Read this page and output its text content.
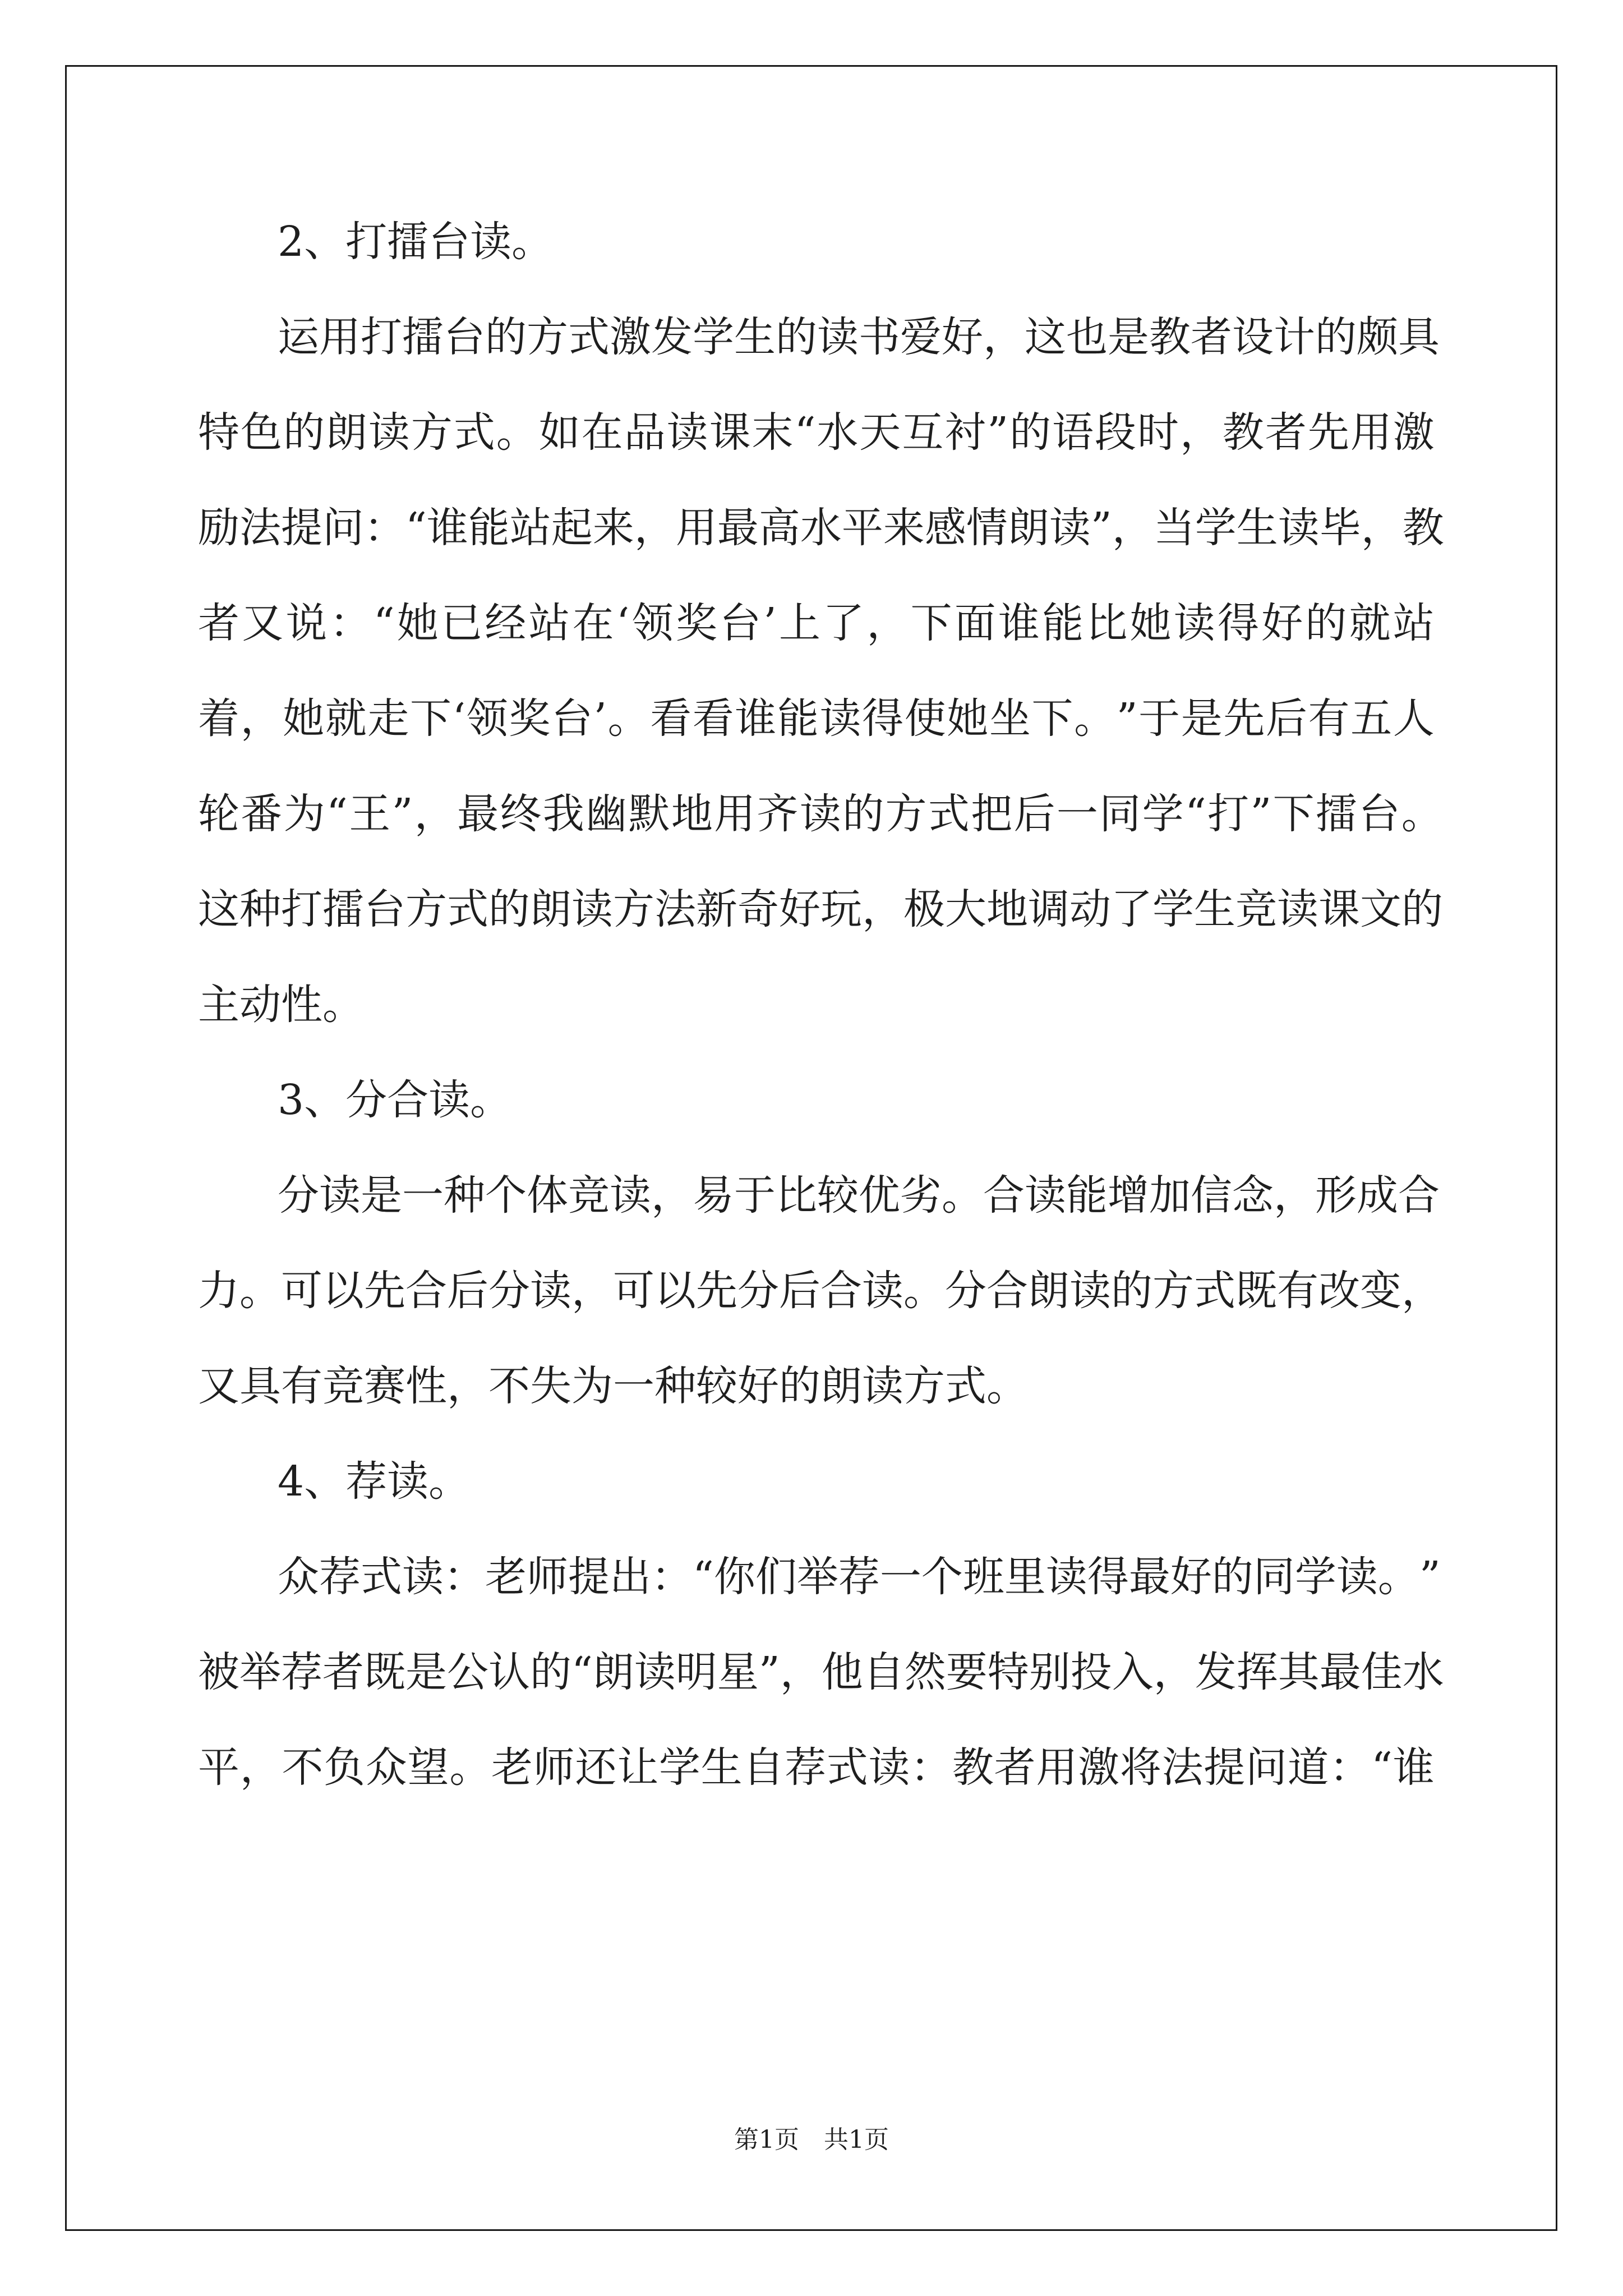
2、打擂台读。
运 用 打 擂 台 的 方 式 激 发 学 生 的 读 书 爱 好 ， 这 也 是 教 者 设 计 的 颇 具
特 色 的 朗 读 方 式 。 如 在 品 读 课 末 “ 水 天 互 衬 ” 的 语 段 时 ， 教 者 先 用 激
励 法 提 问 ： “ 谁 能 站 起 来 ， 用 最 高 水 平 来 感 情 朗 读 ” ， 当 学 生 读 毕 ， 教
者 又 说 ： “ 她 已 经 站 在 ‘ 领 奖 台 ’ 上 了 ， 下 面 谁 能 比 她 读 得 好 的 就 站
着 ， 她 就 走 下 ‘ 领 奖 台 ’ 。 看 看 谁 能 读 得 使 她 坐 下 。 ” 于 是 先 后 有 五 人
轮 番 为 “ 王 ” ， 最 终 我 幽 默 地 用 齐 读 的 方 式 把 后 一 同 学 “ 打 ” 下 擂 台 。
这 种 打 擂 台 方 式 的 朗 读 方 法 新 奇 好 玩 ， 极 大 地 调 动 了 学 生 竞 读 课 文 的
主动性。
3、分合读。
分 读 是 一 种 个 体 竞 读 ， 易 于 比 较 优 劣 。 合 读 能 增 加 信 念 ， 形 成 合
力 。 可 以 先 合 后 分 读 ， 可 以 先 分 后 合 读 。 分 合 朗 读 的 方 式 既 有 改 变 ，
又具有竞赛性，不失为一种较好的朗读方式。
4、荐读。
众 荐 式 读 ： 老 师 提 出 ： “ 你 们 举 荐 一 个 班 里 读 得 最 好 的 同 学 读 。 ”
被 举 荐 者 既 是 公 认 的 “ 朗 读 明 星 ” ， 他 自 然 要 特 别 投 入 ， 发 挥 其 最 佳 水
平 ， 不 负 众 望 。 老 师 还 让 学 生 自 荐 式 读 ： 教 者 用 激 将 法 提 问 道 ： “ 谁
第1页 共1页
